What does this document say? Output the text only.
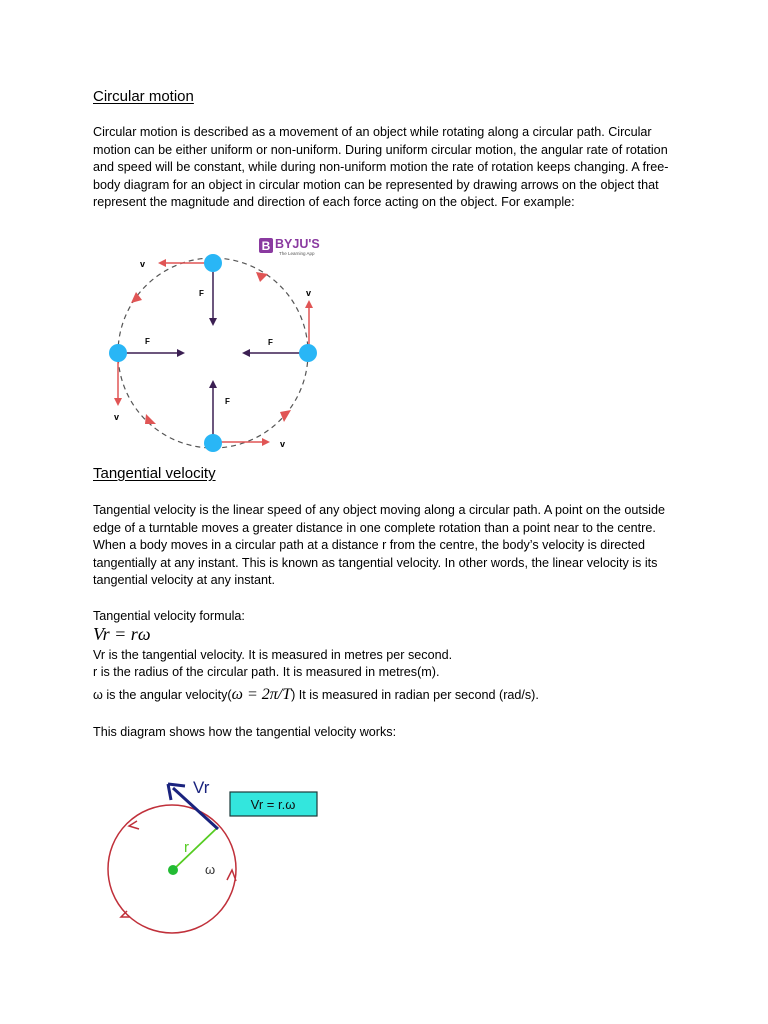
Circular motion

Circular motion is described as a movement of an object while rotating along a circular path. Circular motion can be either uniform or non-uniform. During uniform circular motion, the angular rate of rotation and speed will be constant, while during non-uniform motion the rate of rotation keeps changing. A free-body diagram for an object in circular motion can be represented by drawing arrows on the object that represent the magnitude and direction of each force acting on the object. For example:

B BYJU'S
The Learning App
v
v
v
v
F
F
F
F
Tangential velocity

Tangential velocity is the linear speed of any object moving along a circular path. A point on the outside edge of a turntable moves a greater distance in one complete rotation than a point near to the centre. When a body moves in a circular path at a distance r from the centre, the body’s velocity is directed tangentially at any instant. This is known as tangential velocity. In other words, the linear velocity is its tangential velocity at any instant.

Tangential velocity formula:

Vr = rω

Vr is the tangential velocity. It is measured in metres per second.

r is the radius of the circular path. It is measured in metres(m).

ω is the angular velocity(ω = 2π/T) It is measured in radian per second (rad/s).

This diagram shows how the tangential velocity works:

Vr
r
ω
Vr = r.ω
